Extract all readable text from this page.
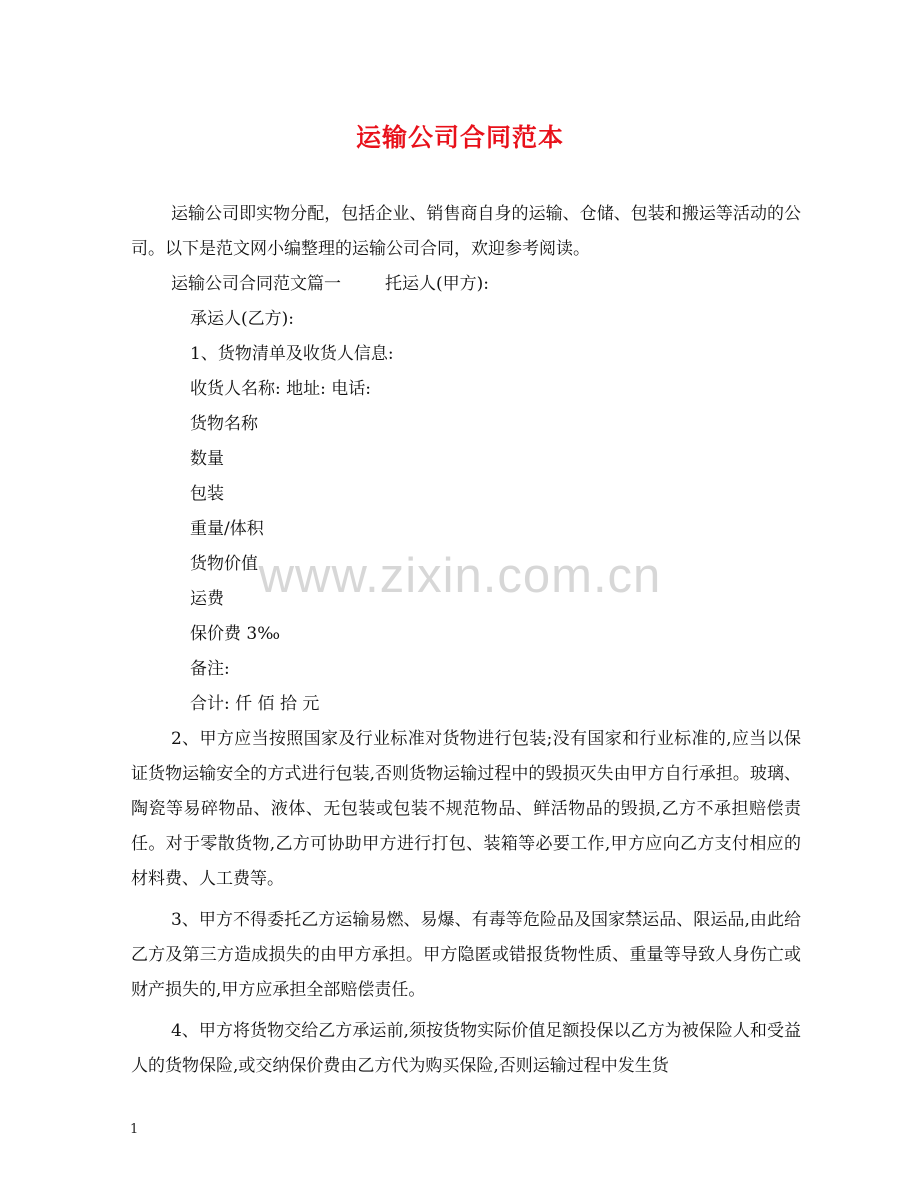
运输公司合同范本

运输公司即实物分配，包括企业、销售商自身的运输、仓储、包装和搬运等活动的公司。以下是范文网小编整理的运输公司合同，欢迎参考阅读。

运输公司合同范文篇一	托运人(甲方):

承运人(乙方):

1、货物清单及收货人信息:

收货人名称: 地址: 电话:

货物名称

数量

包装

重量/体积

货物价值

运费

保价费 3‰

备注:

合计: 仟 佰 拾 元

2、甲方应当按照国家及行业标准对货物进行包装;没有国家和行业标准的,应当以保证货物运输安全的方式进行包装,否则货物运输过程中的毁损灭失由甲方自行承担。玻璃、陶瓷等易碎物品、液体、无包装或包装不规范物品、鲜活物品的毁损,乙方不承担赔偿责任。对于零散货物,乙方可协助甲方进行打包、装箱等必要工作,甲方应向乙方支付相应的材料费、人工费等。

3、甲方不得委托乙方运输易燃、易爆、有毒等危险品及国家禁运品、限运品,由此给乙方及第三方造成损失的由甲方承担。甲方隐匿或错报货物性质、重量等导致人身伤亡或财产损失的,甲方应承担全部赔偿责任。

4、甲方将货物交给乙方承运前,须按货物实际价值足额投保以乙方为被保险人和受益人的货物保险,或交纳保价费由乙方代为购买保险,否则运输过程中发生货

www.zixin.com.cn
1
